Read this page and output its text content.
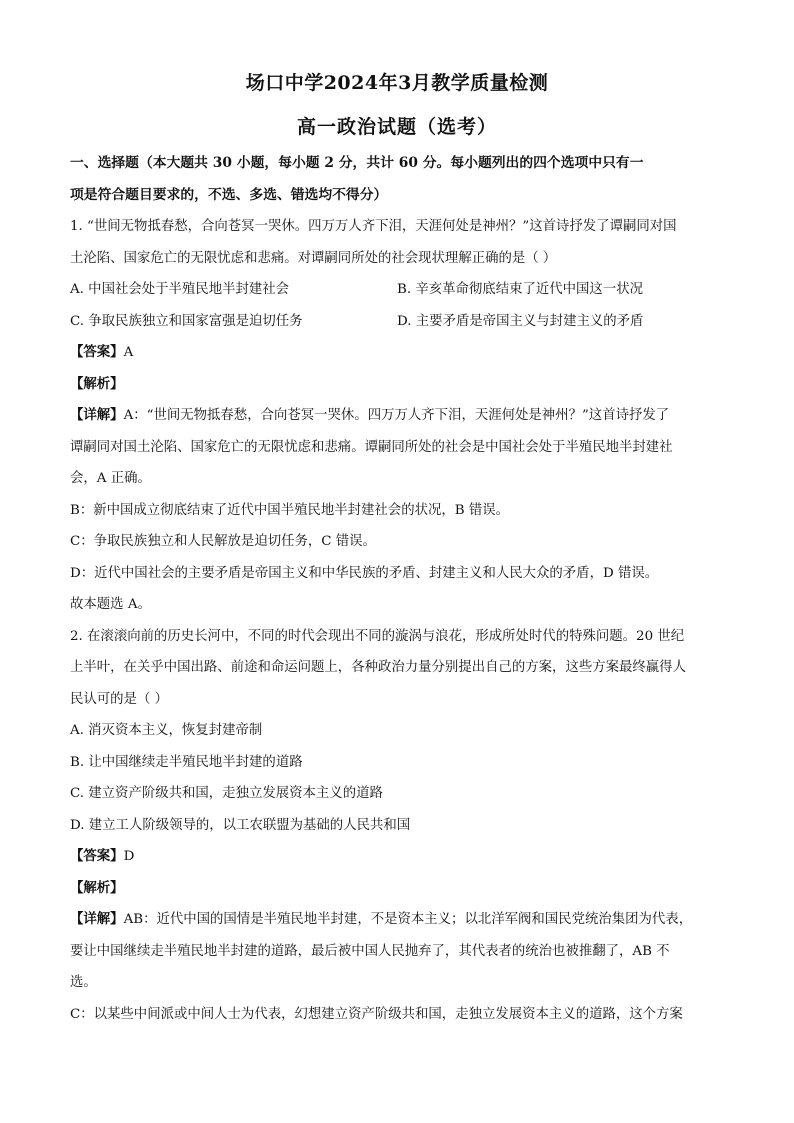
场口中学2024年3月教学质量检测
高一政治试题（选考）
一、选择题（本大题共 30 小题，每小题 2 分，共计 60 分。每小题列出的四个选项中只有一
项是符合题目要求的，不选、多选、错选均不得分）
1. “世间无物抵春愁，合向苍冥一哭休。四万万人齐下泪，天涯何处是神州？”这首诗抒发了谭嗣同对国
土沦陷、国家危亡的无限忧虑和悲痛。对谭嗣同所处的社会现状理解正确的是（ ）
A. 中国社会处于半殖民地半封建社会	B. 辛亥革命彻底结束了近代中国这一状况
C. 争取民族独立和国家富强是迫切任务	D. 主要矛盾是帝国主义与封建主义的矛盾
【答案】A
【解析】
【详解】A：“世间无物抵春愁，合向苍冥一哭休。四万万人齐下泪，天涯何处是神州？”这首诗抒发了
谭嗣同对国土沦陷、国家危亡的无限忧虑和悲痛。谭嗣同所处的社会是中国社会处于半殖民地半封建社
会，A 正确。
B：新中国成立彻底结束了近代中国半殖民地半封建社会的状况，B 错误。
C：争取民族独立和人民解放是迫切任务，C 错误。
D：近代中国社会的主要矛盾是帝国主义和中华民族的矛盾、封建主义和人民大众的矛盾，D 错误。
故本题选 A。
2. 在滚滚向前的历史长河中，不同的时代会现出不同的漩涡与浪花，形成所处时代的特殊问题。20 世纪
上半叶，在关乎中国出路、前途和命运问题上，各种政治力量分别提出自己的方案，这些方案最终赢得人
民认可的是（ ）
A. 消灭资本主义，恢复封建帝制
B. 让中国继续走半殖民地半封建的道路
C. 建立资产阶级共和国，走独立发展资本主义的道路
D. 建立工人阶级领导的，以工农联盟为基础的人民共和国
【答案】D
【解析】
【详解】AB：近代中国的国情是半殖民地半封建，不是资本主义；以北洋军阀和国民党统治集团为代表，
要让中国继续走半殖民地半封建的道路，最后被中国人民抛弃了，其代表者的统治也被推翻了，AB 不
选。
C：以某些中间派或中间人士为代表，幻想建立资产阶级共和国，走独立发展资本主义的道路，这个方案
